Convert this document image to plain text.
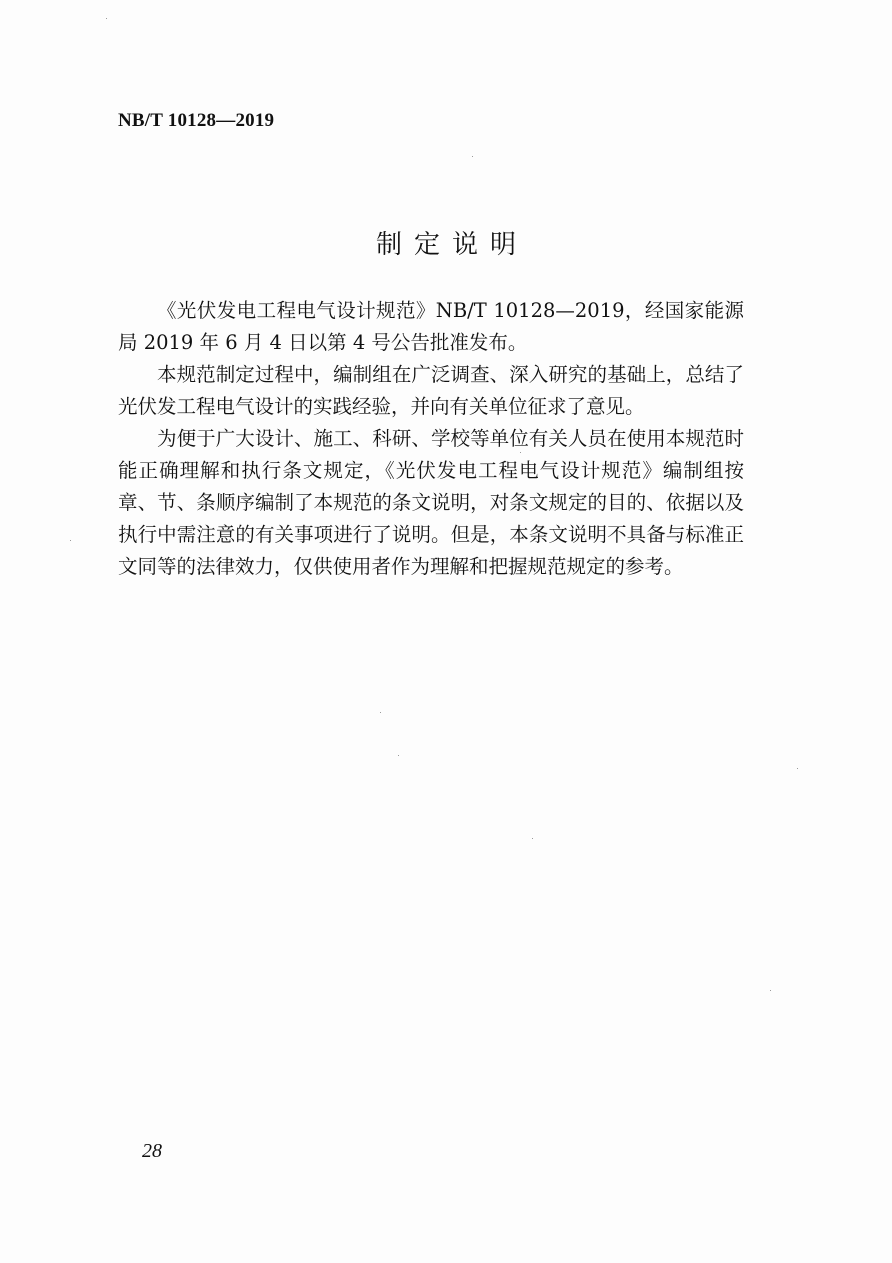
NB/T 10128—2019
制定说明

《光伏发电工程电气设计规范》NB/T 10128—2019，经国家能源局 2019 年 6 月 4 日以第 4 号公告批准发布。

本规范制定过程中，编制组在广泛调查、深入研究的基础上，总结了光伏发工程电气设计的实践经验，并向有关单位征求了意见。

为便于广大设计、施工、科研、学校等单位有关人员在使用本规范时能正确理解和执行条文规定，《光伏发电工程电气设计规范》编制组按章、节、条顺序编制了本规范的条文说明，对条文规定的目的、依据以及执行中需注意的有关事项进行了说明。但是，本条文说明不具备与标准正文同等的法律效力，仅供使用者作为理解和把握规范规定的参考。

28
